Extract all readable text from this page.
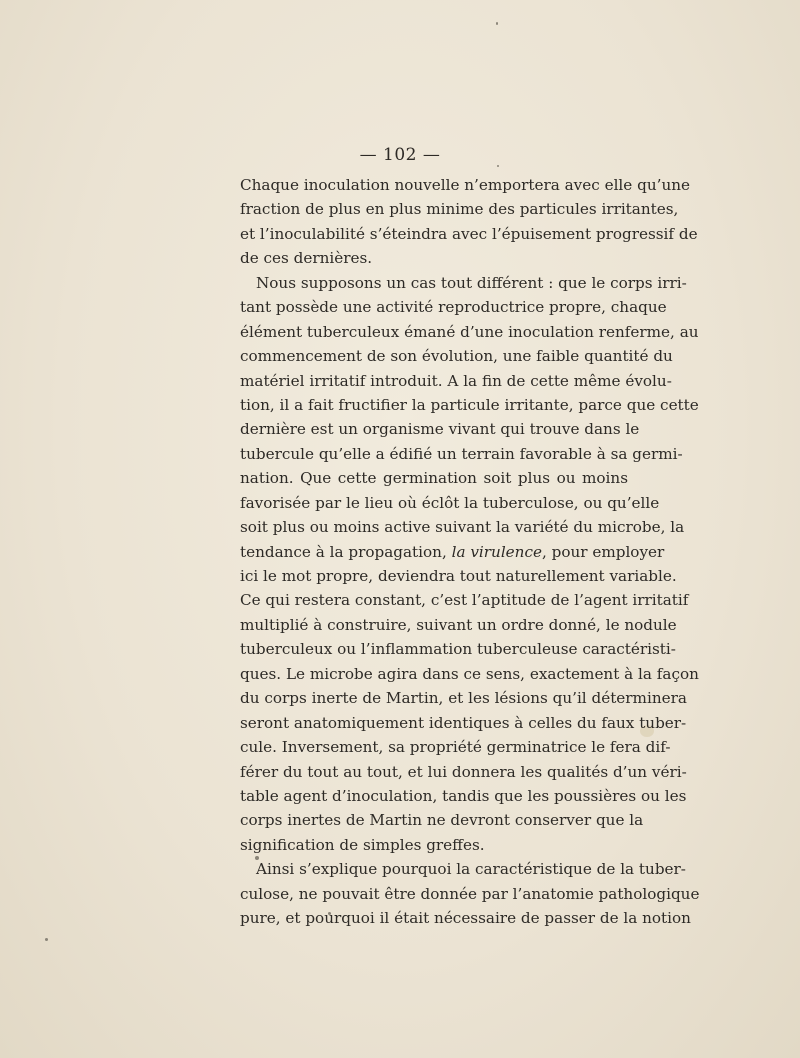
— 102 —
Chaque inoculation nouvelle n’emportera avec elle qu’une
fraction de plus en plus minime des particules irritantes,
et l’inoculabilité s’éteindra avec l’épuisement progressif de
de ces dernières.
Nous supposons un cas tout différent : que le corps irri-
tant possède une activité reproductrice propre, chaque
élément tuberculeux émané d’une inoculation renferme, au
commencement de son évolution, une faible quantité du
matériel irritatif introduit. A la fin de cette même évolu-
tion, il a fait fructifier la particule irritante, parce que cette
dernière est un organisme vivant qui trouve dans le
tubercule qu’elle a édifié un terrain favorable à sa germi-
nation. Que cette germination soit plus ou moins
favorisée par le lieu où éclôt la tuberculose, ou qu’elle
soit plus ou moins active suivant la variété du microbe, la
tendance à la propagation, la virulence, pour employer
ici le mot propre, deviendra tout naturellement variable.
Ce qui restera constant, c’est l’aptitude de l’agent irritatif
multiplié à construire, suivant un ordre donné, le nodule
tuberculeux ou l’inflammation tuberculeuse caractéristi-
ques. Le microbe agira dans ce sens, exactement à la façon
du corps inerte de Martin, et les lésions qu’il déterminera
seront anatomiquement identiques à celles du faux tuber-
cule. Inversement, sa propriété germinatrice le fera dif-
férer du tout au tout, et lui donnera les qualités d’un véri-
table agent d’inoculation, tandis que les poussières ou les
corps inertes de Martin ne devront conserver que la
signification de simples greffes.
Ainsi s’explique pourquoi la caractéristique de la tuber-
culose, ne pouvait être donnée par l’anatomie pathologique
pure, et pourquoi il était nécessaire de passer de la notion
